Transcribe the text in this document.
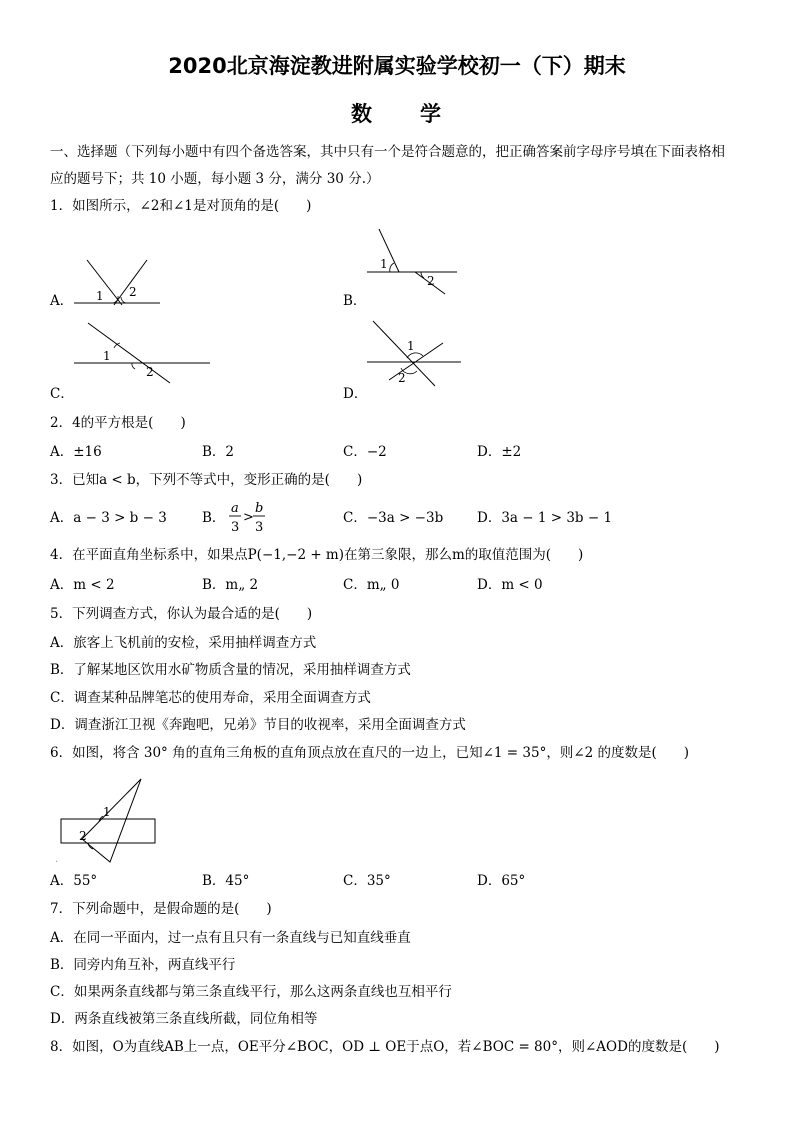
2020北京海淀教进附属实验学校初一（下）期末
数　　学
一、选择题（下列每小题中有四个备选答案，其中只有一个是符合题意的，把正确答案前字母序号填在下面表格相
应的题号下；共 10 小题，每小题 3 分，满分 30 分.）
1．如图所示，∠2和∠1是对顶角的是(　　)
A． 1 2
B．
1
2
C．
1
2
D．
1
2
2．4的平方根是(　　)
A．±16	B．2	C．−2	D．±2
3．已知a < b，下列不等式中，变形正确的是(　　)
A．a − 3 > b − 3	B．
a
3
>
b
3
C．−3a > −3b	D．3a − 1 > 3b − 1
4．在平面直角坐标系中，如果点P(−1,−2 + m)在第三象限，那么m的取值范围为(　　)
A．m < 2	B．m„ 2	C．m„ 0	D．m < 0
5．下列调查方式，你认为最合适的是(　　)
A．旅客上飞机前的安检，采用抽样调查方式
B．了解某地区饮用水矿物质含量的情况，采用抽样调查方式
C．调查某种品牌笔芯的使用寿命，采用全面调查方式
D．调查浙江卫视《奔跑吧，兄弟》节目的收视率，采用全面调查方式
6．如图，将含 30° 角的直角三角板的直角顶点放在直尺的一边上，已知∠1 = 35°，则∠2 的度数是(　　)
1
2
.
A．55°	B．45°	C．35°	D．65°
7．下列命题中，是假命题的是(　　)
A．在同一平面内，过一点有且只有一条直线与已知直线垂直
B．同旁内角互补，两直线平行
C．如果两条直线都与第三条直线平行，那么这两条直线也互相平行
D．两条直线被第三条直线所截，同位角相等
8．如图，O为直线AB上一点，OE平分∠BOC，OD ⊥ OE于点O，若∠BOC = 80°，则∠AOD的度数是(　　)
